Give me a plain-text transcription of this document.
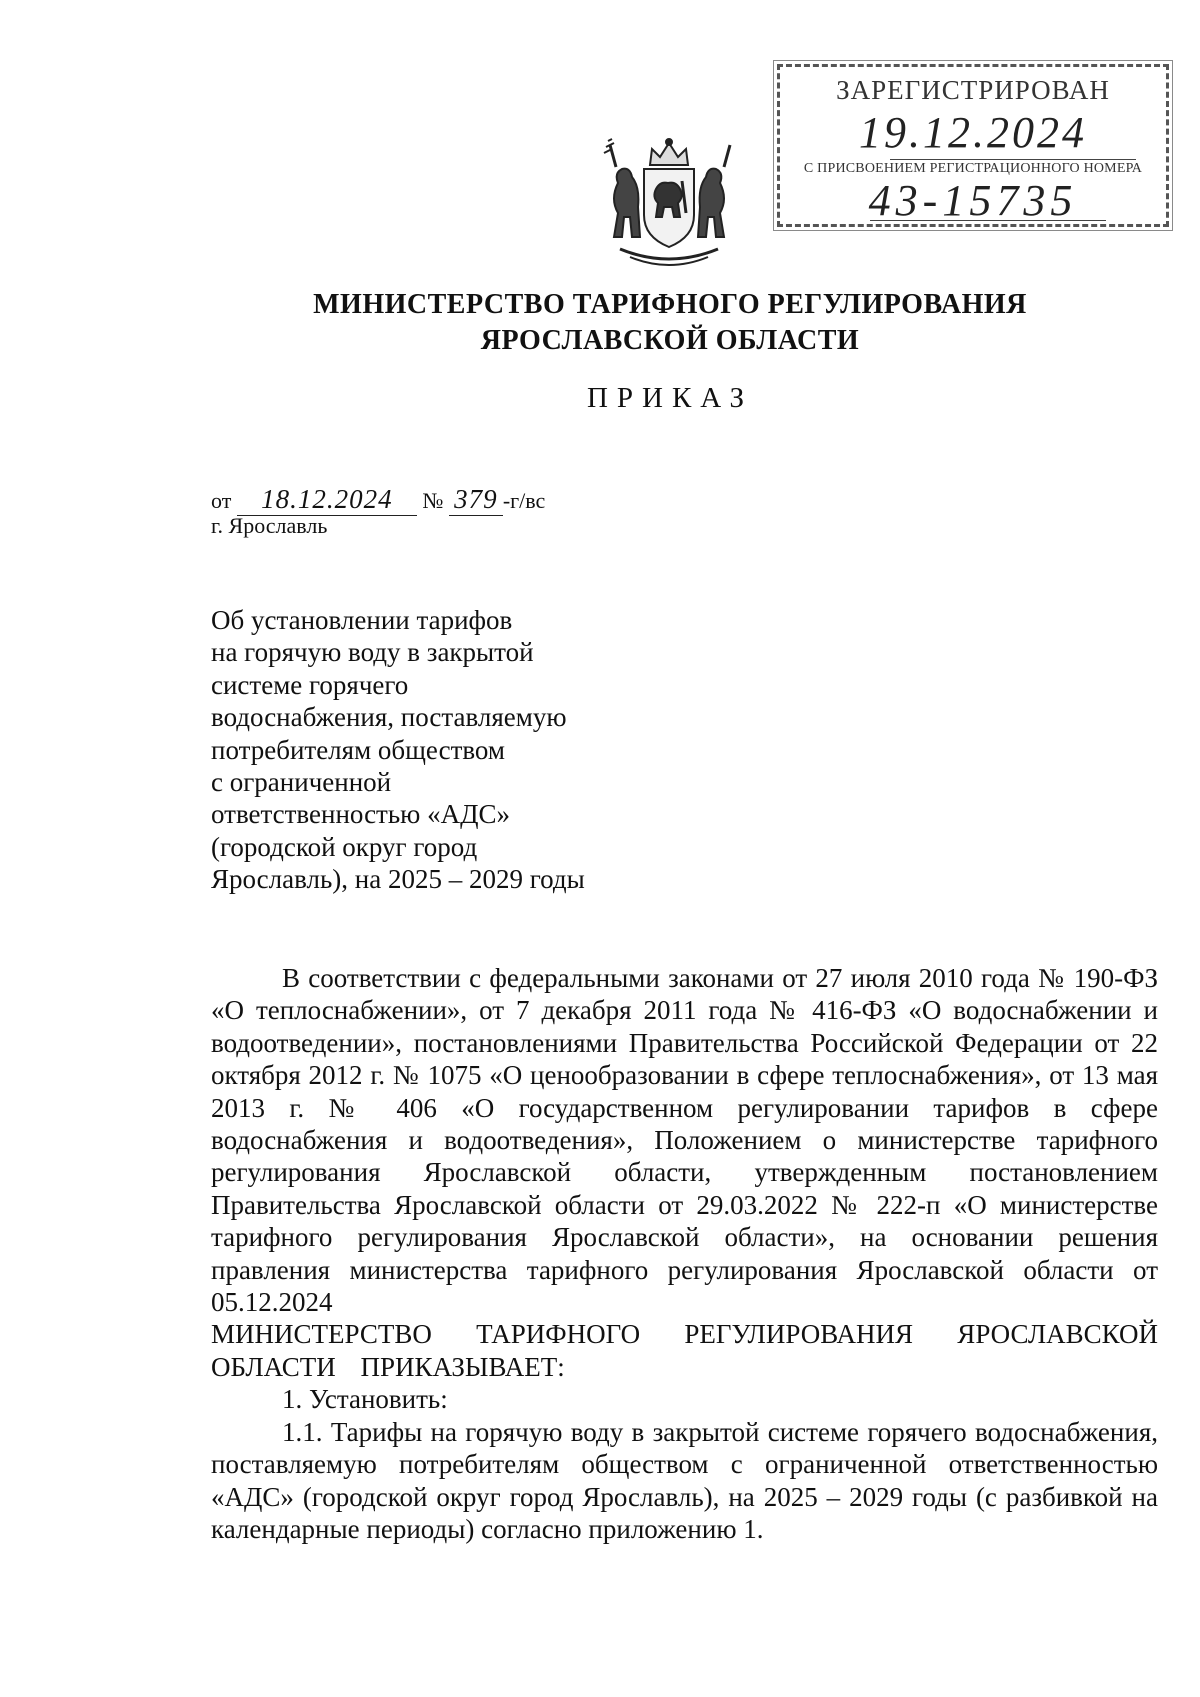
ЗАРЕГИСТРИРОВАН
19.12.2024
С ПРИСВОЕНИЕМ РЕГИСТРАЦИОННОГО НОМЕРА
43-15735
МИНИСТЕРСТВО ТАРИФНОГО РЕГУЛИРОВАНИЯ
ЯРОСЛАВСКОЙ ОБЛАСТИ
ПРИКАЗ
от 18.12.2024 № 379 -г/вс
г. Ярославль
Об установлении тарифов
на горячую воду в закрытой
системе горячего
водоснабжения, поставляемую
потребителям обществом
с ограниченной
ответственностью «АДС»
(городской округ город
Ярославль), на 2025 – 2029 годы

В соответствии с федеральными законами от 27 июля 2010 года № 190-ФЗ «О теплоснабжении», от 7 декабря 2011 года № 416-ФЗ «О водоснабжении и водоотведении», постановлениями Правительства Российской Федерации от 22 октября 2012 г. № 1075 «О ценообразовании в сфере теплоснабжения», от 13 мая 2013 г. № 406 «О государственном регулировании тарифов в сфере водоснабжения и водоотведения», Положением о министерстве тарифного регулирования Ярославской области, утвержденным постановлением Правительства Ярославской области от 29.03.2022 № 222-п «О министерстве тарифного регулирования Ярославской области», на основании решения правления министерства тарифного регулирования Ярославской области от 05.12.2024

МИНИСТЕРСТВО ТАРИФНОГО РЕГУЛИРОВАНИЯ ЯРОСЛАВСКОЙ ОБЛАСТИ ПРИКАЗЫВАЕТ:

1. Установить:

1.1. Тарифы на горячую воду в закрытой системе горячего водоснабжения, поставляемую потребителям обществом с ограниченной ответственностью «АДС» (городской округ город Ярославль), на 2025 – 2029 годы (с разбивкой на календарные периоды) согласно приложению 1.
